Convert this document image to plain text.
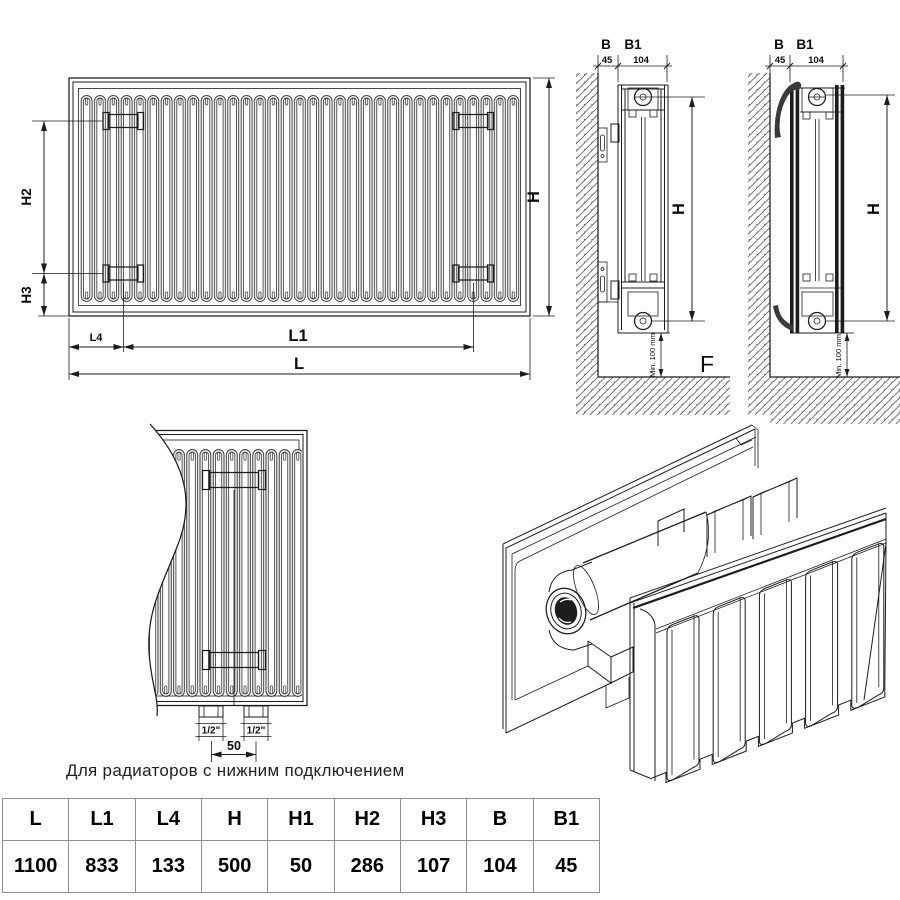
H2
H3
L4	L1
L
H
B B1
45 104
H
Min. 100 mm F
B B1
45 104
H
Min. 100 mm
1/2"	1/2"
50
Для радиаторов с нижним подключением
L	L1	L4	H	H1	H2	H3	B	B1
1100	833	133	500	50	286	107	104	45
